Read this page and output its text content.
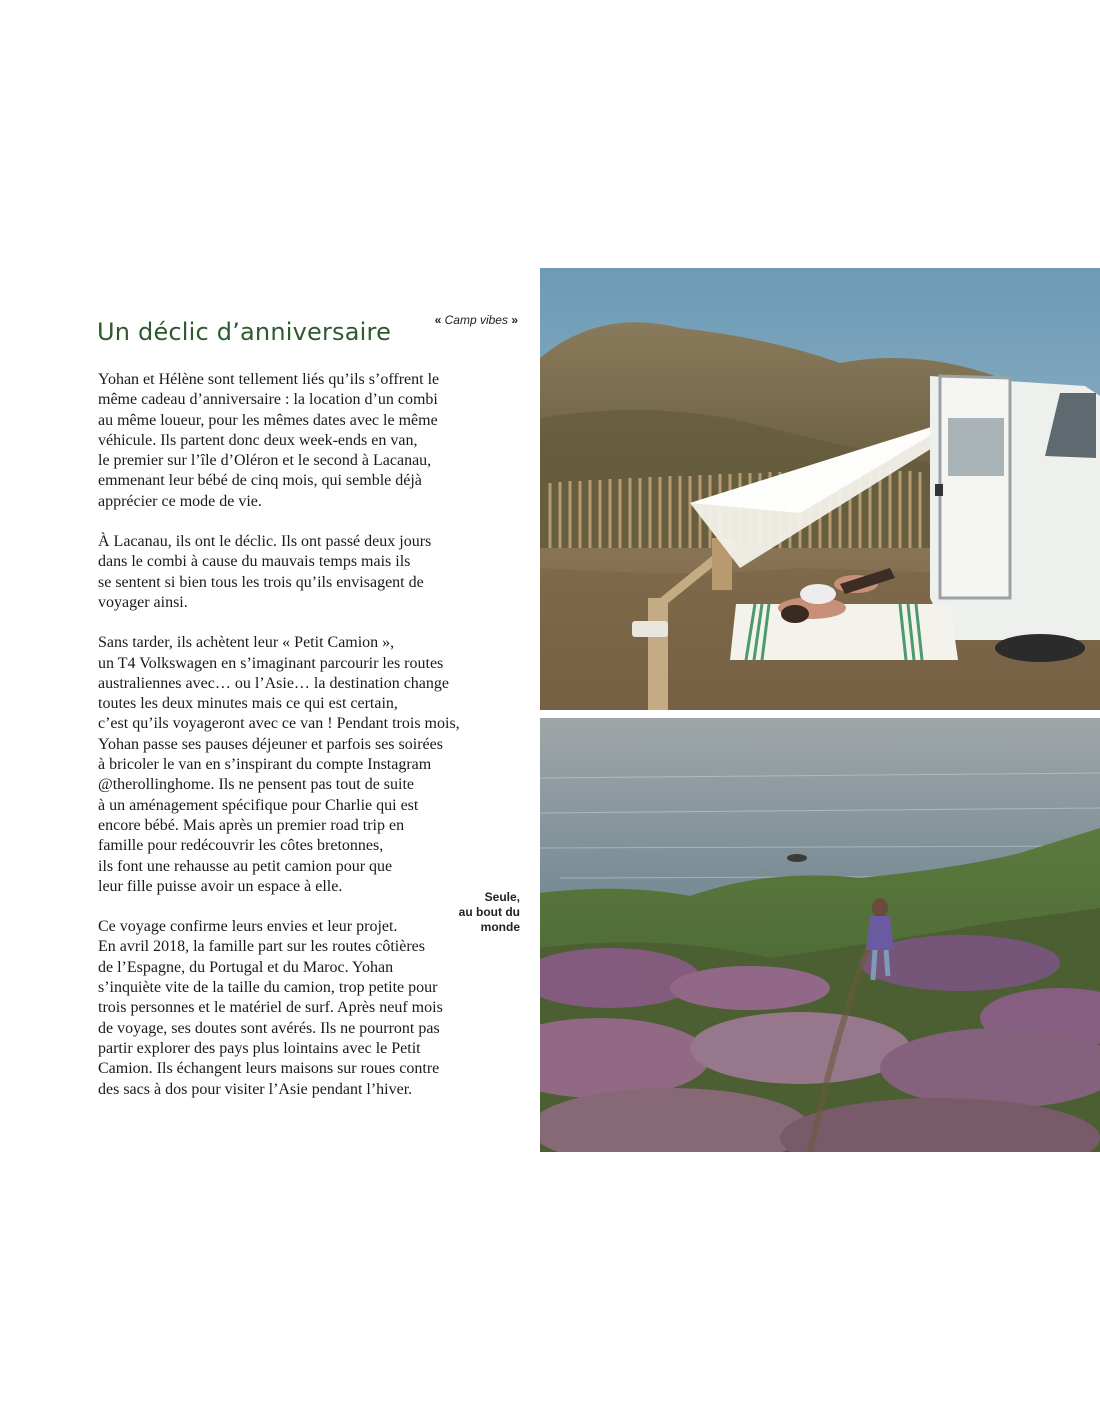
Un déclic d’anniversaire	« Camp vibes »

Yohan et Hélène sont tellement liés qu’ils s’offrent le
même cadeau d’anniversaire : la location d’un combi
au même loueur, pour les mêmes dates avec le même
véhicule. Ils partent donc deux week-ends en van,
le premier sur l’île d’Oléron et le second à Lacanau,
emmenant leur bébé de cinq mois, qui semble déjà
apprécier ce mode de vie.

À Lacanau, ils ont le déclic. Ils ont passé deux jours
dans le combi à cause du mauvais temps mais ils
se sentent si bien tous les trois qu’ils envisagent de
voyager ainsi.

Sans tarder, ils achètent leur « Petit Camion »,
un T4 Volkswagen en s’imaginant parcourir les routes
australiennes avec… ou l’Asie… la destination change
toutes les deux minutes mais ce qui est certain,
c’est qu’ils voyageront avec ce van ! Pendant trois mois,
Yohan passe ses pauses déjeuner et parfois ses soirées
à bricoler le van en s’inspirant du compte Instagram
@therollinghome. Ils ne pensent pas tout de suite
à un aménagement spécifique pour Charlie qui est
encore bébé. Mais après un premier road trip en
famille pour redécouvrir les côtes bretonnes,
ils font une rehausse au petit camion pour que
leur fille puisse avoir un espace à elle.

Ce voyage confirme leurs envies et leur projet.
En avril 2018, la famille part sur les routes côtières
de l’Espagne, du Portugal et du Maroc. Yohan
s’inquiète vite de la taille du camion, trop petite pour
trois personnes et le matériel de surf. Après neuf mois
de voyage, ses doutes sont avérés. Ils ne pourront pas
partir explorer des pays plus lointains avec le Petit
Camion. Ils échangent leurs maisons sur roues contre
des sacs à dos pour visiter l’Asie pendant l’hiver.

Seule,
au bout du
monde
